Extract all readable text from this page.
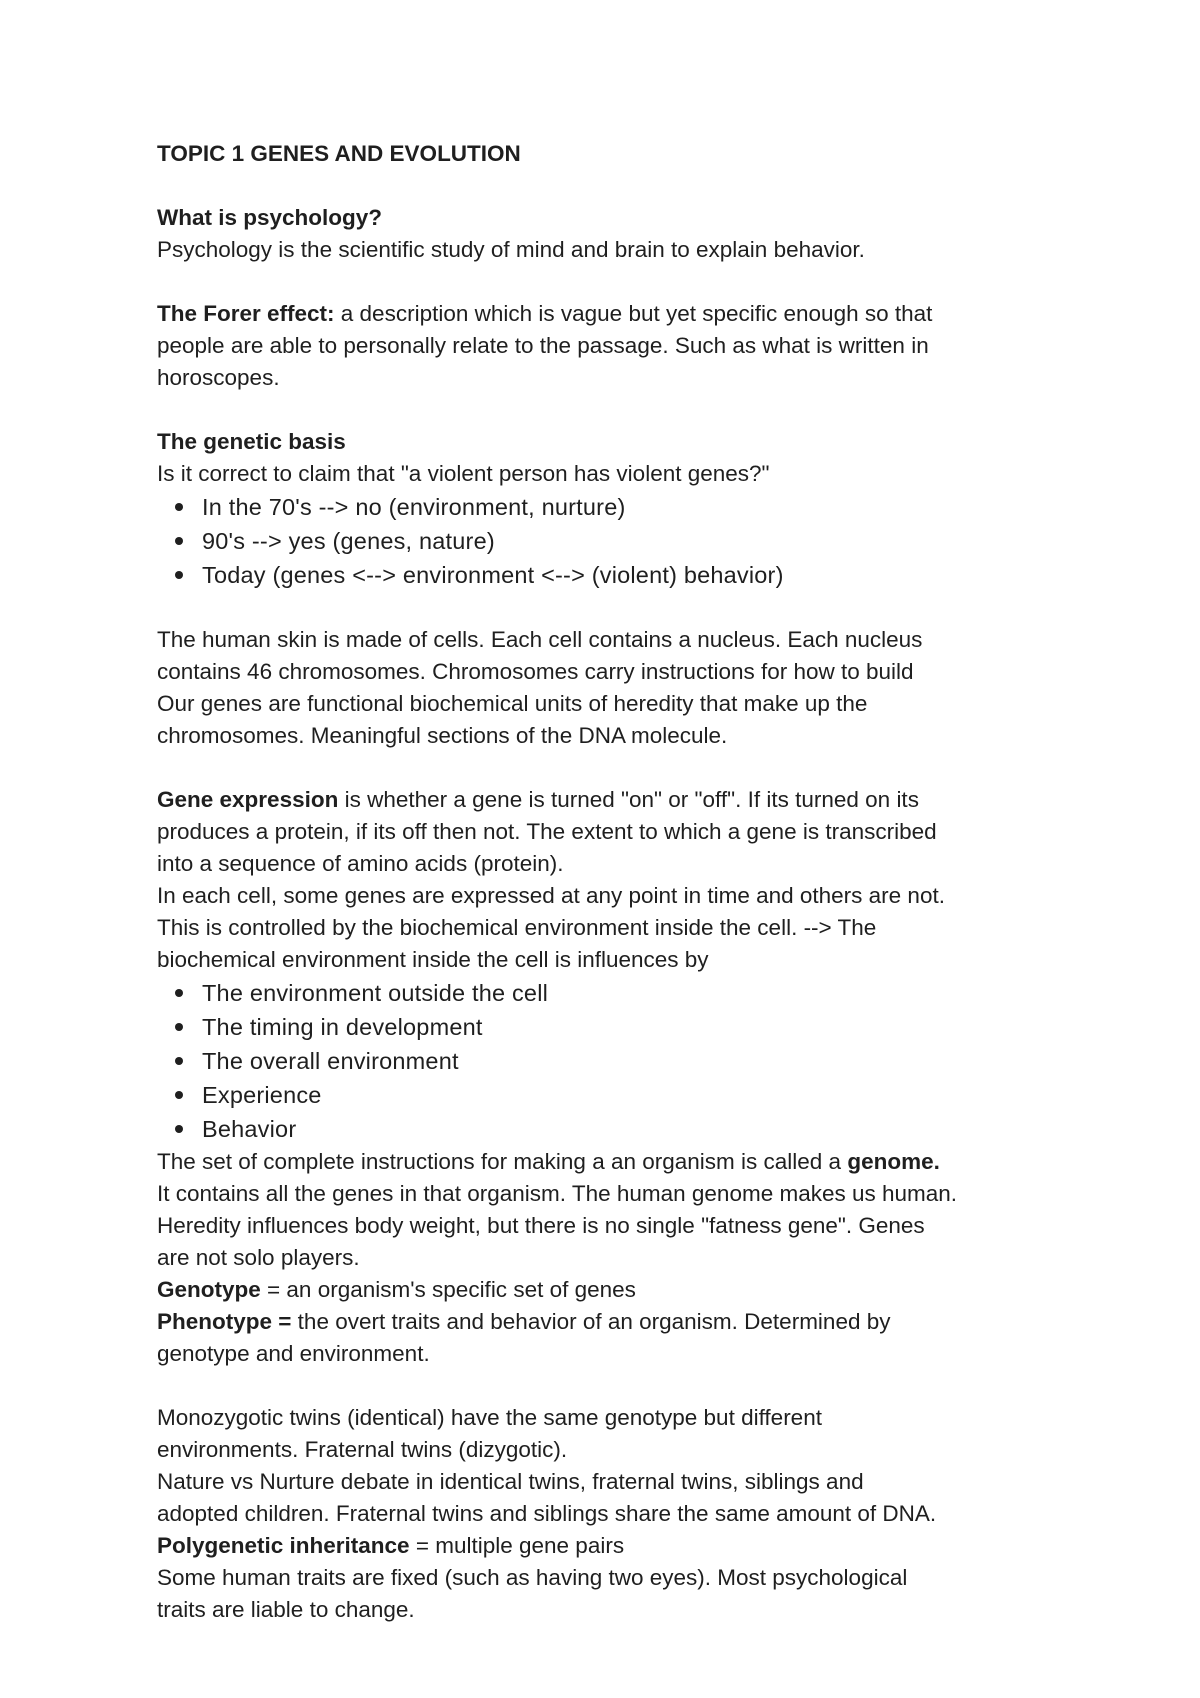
TOPIC 1 GENES AND EVOLUTION

What is psychology?

Psychology is the scientific study of mind and brain to explain behavior.

The Forer effect: a description which is vague but yet specific enough so that

people are able to personally relate to the passage. Such as what is written in

horoscopes.

The genetic basis

Is it correct to claim that "a violent person has violent genes?"

In the 70's --> no (environment, nurture)
90's --> yes (genes, nature)
Today (genes <--> environment <--> (violent) behavior)

The human skin is made of cells. Each cell contains a nucleus. Each nucleus

contains 46 chromosomes. Chromosomes carry instructions for how to build

Our genes are functional biochemical units of heredity that make up the

chromosomes. Meaningful sections of the DNA molecule.

Gene expression is whether a gene is turned "on" or "off". If its turned on its

produces a protein, if its off then not. The extent to which a gene is transcribed

into a sequence of amino acids (protein).

In each cell, some genes are expressed at any point in time and others are not.

This is controlled by the biochemical environment inside the cell. --> The

biochemical environment inside the cell is influences by

The environment outside the cell
The timing in development
The overall environment
Experience
Behavior

The set of complete instructions for making a an organism is called a genome.

It contains all the genes in that organism. The human genome makes us human.

Heredity influences body weight, but there is no single "fatness gene". Genes

are not solo players.

Genotype = an organism's specific set of genes

Phenotype = the overt traits and behavior of an organism. Determined by

genotype and environment.

Monozygotic twins (identical) have the same genotype but different

environments. Fraternal twins (dizygotic).

Nature vs Nurture debate in identical twins, fraternal twins, siblings and

adopted children. Fraternal twins and siblings share the same amount of DNA.

Polygenetic inheritance = multiple gene pairs

Some human traits are fixed (such as having two eyes). Most psychological

traits are liable to change.
